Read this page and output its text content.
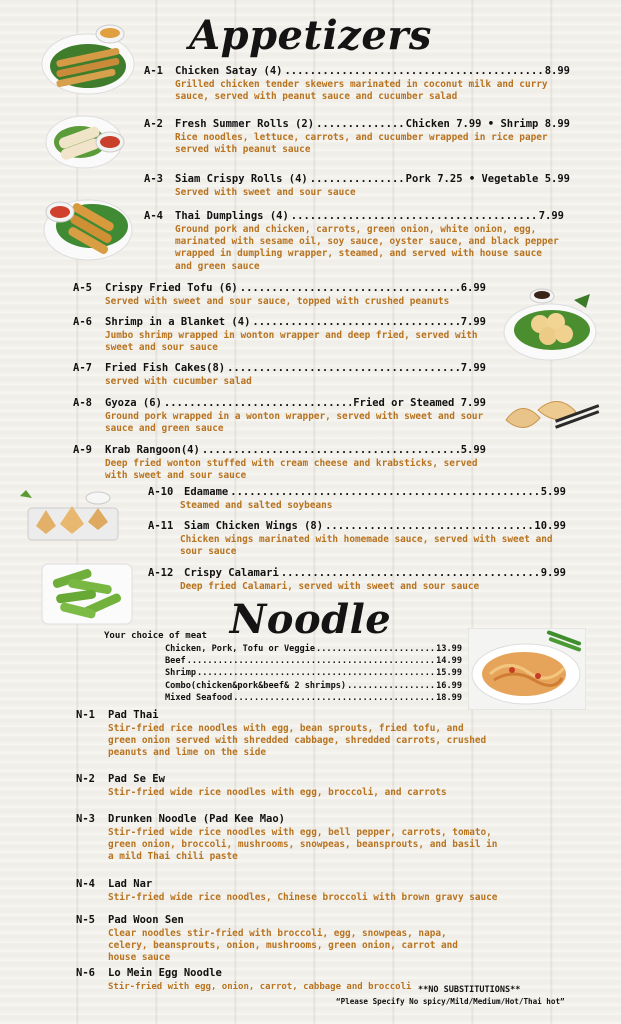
Appetizers
A-1	Chicken Satay (4) .....	8.99
Grilled chicken tender skewers marinated in coconut milk and curry sauce, served with peanut sauce and cucumber salad
A-2	Fresh Summer Rolls (2) .....	Chicken 7.99 • Shrimp 8.99
Rice noodles, lettuce, carrots, and cucumber wrapped in rice paper served with peanut sauce
A-3	Siam Crispy Rolls (4) .....	Pork 7.25 • Vegetable 5.99
Served with sweet and sour sauce
A-4	Thai Dumplings (4) .....	7.99
Ground pork and chicken, carrots, green onion, white onion, egg, marinated with sesame oil, soy sauce, oyster sauce, and black pepper wrapped in dumpling wrapper, steamed, and served with house sauce and green sauce
A-5	Crispy Fried Tofu (6) .....	6.99
Served with sweet and sour sauce, topped with crushed peanuts
A-6	Shrimp in a Blanket (4) .....	7.99
Jumbo shrimp wrapped in wonton wrapper and deep fried, served with sweet and sour sauce
A-7	Fried Fish Cakes(8) .....	7.99
served with cucumber salad
A-8	Gyoza (6) .....	Fried or Steamed 7.99
Ground pork wrapped in a wonton wrapper, served with sweet and sour sauce and green sauce
A-9	Krab Rangoon(4) .....	5.99
Deep fried wonton stuffed with cream cheese and krabsticks, served with sweet and sour sauce
A-10	Edamame .....	5.99
Steamed and salted soybeans
A-11	Siam Chicken Wings (8) .....	10.99
Chicken wings marinated with homemade sauce, served with sweet and sour sauce
A-12	Crispy Calamari .....	9.99
Deep fried Calamari, served with sweet and sour sauce
Noodle
Your choice of meat
Chicken, Pork, Tofu or Veggie .....	13.99
Beef .....	14.99
Shrimp .....	15.99
Combo(chicken&pork&beef& 2 shrimps) .....	16.99
Mixed Seafood .....	18.99
N-1	Pad Thai
Stir-fried rice noodles with egg, bean sprouts, fried tofu, and green onion served with shredded cabbage, shredded carrots, crushed peanuts and lime on the side
N-2	Pad Se Ew
Stir-fried wide rice noodles with egg, broccoli, and carrots
N-3	Drunken Noodle (Pad Kee Mao)
Stir-fried wide rice noodles with egg, bell pepper, carrots, tomato, green onion, broccoli, mushrooms, snowpeas, beansprouts, and basil in a mild Thai chili paste
N-4	Lad Nar
Stir-fried wide rice noodles, Chinese broccoli with brown gravy sauce
N-5	Pad Woon Sen
Clear noodles stir-fried with broccoli, egg, snowpeas, napa, celery, beansprouts, onion, mushrooms, green onion, carrot and house sauce
N-6	Lo Mein Egg Noodle
Stir-fried with egg, onion, carrot, cabbage and broccoli **NO SUBSTITUTIONS**
“Please Specify No spicy/Mild/Medium/Hot/Thai hot”
